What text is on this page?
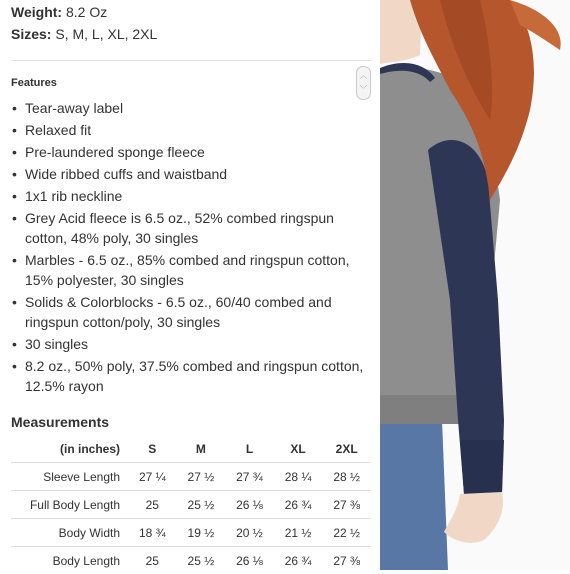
Weight: 8.2 Oz
Sizes: S, M, L, XL, 2XL
Features
︿
﹀
• Tear-away label
• Relaxed fit
• Pre-laundered sponge fleece
• Wide ribbed cuffs and waistband
• 1x1 rib neckline
• Grey Acid fleece is 6.5 oz., 52% combed ringspun cotton, 48% poly, 30 singles
• Marbles - 6.5 oz., 85% combed and ringspun cotton, 15% polyester, 30 singles
• Solids & Colorblocks - 6.5 oz., 60/40 combed and ringspun cotton/poly, 30 singles
• 30 singles
• 8.2 oz., 50% poly, 37.5% combed and ringspun cotton, 12.5% rayon
Measurements
(in inches)	S	M	L	XL	2XL
Sleeve Length	27 ¼	27 ½	27 ¾	28 ¼	28 ½
Full Body Length	25	25 ½	26 ⅛	26 ¾	27 ⅜
Body Width	18 ¾	19 ½	20 ½	21 ½	22 ½
Body Length	25	25 ½	26 ⅛	26 ¾	27 ⅜
